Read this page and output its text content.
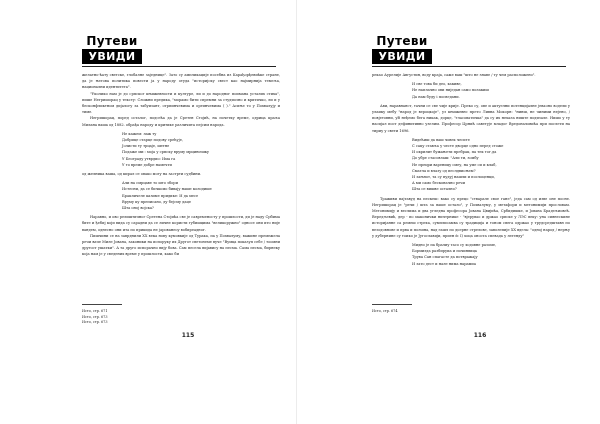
Путеви
УВИДИ

желатно-ћату светске, глобалне заједнице". Зато су ампликације посебна из Карађорђевићке стране, да је његова политика повести ја у народу отуда "историјску свест као најмирнија темеља, национални идентитета".

"Уколико нам је до српског књижевности и културе, ли и до нарoдног поиманa усталих стиха", пише Негришорац у тексту: Сложни предика, "морамо бити спремни за студиозно и критичко, ли и у бесконфликтном дијалогу за табуизант, отрпинчевима и оргинчевима ( )." Асиње то у Похвалуjу и тиме.

Негришорац, поред осталог, подсећа да је Сретен Стојић, на почетку време, одрица краља Милана ваша од 1882. обрађа народу и критике различитa пејсим народа.

Не кажем: лаж ту
Добрице старце подову срећује,
Јолисти ту трцаје, шетне
Подаже ми:: моја у српску вруму мрцињешку
У Београду утврдио: Има га
У то време добрe намечти

од желника ваша, од кирал се овако могу на застрти судбини.

Али на смрцаве то што збори
Истесни, да се бичкомо бивају наше колодише
Бракличеле казиме придике: И да месе
Вруму ку преписано, ду бејсму даце
Шта оној војска?

Наравно, и ово релиштичнoг Сретена Стојићa све је савременосту у прошлости, ди је надy Србима бите и ђебиј који вида су сарадни да се личне користи губишцима "великоружно" односе они ито није вандем, однесно они ита по прикида не јарованеоу вобиреадног.

Пишчини се на заврднили XX века нову кумовкије од Турака, па у Похвалуму, важине премежела речи ваче Миле Јованa, законики на испоруку их Другот светонеме вуче "Вумца показуп себе / тоомни другост ушатки". А та другo испорачно вију бова. Сам песела вијавису на песма. Сама песма, бирнеку коjа нам је у сведених време у прошлости, како би

Исто, стр. 671
Исто, стр. 673
Исто, стр. 673
115
Путеви
УВИДИ

рекао Аурелије Августин, воду краја, саже ваш "што не знаве / ту чем расположено".

И све това би део, хакиве,
Не наплачно ови ниједан само полакиш
Да нам буду і посведани.

Ави, наравнанст, тачни се све чије крије. Преко су, ове и актуелни потенцијалне јеваоно водели у улаику мебу "народ је вероцкоје", уз књижевнс прето Ливна Мокорн: "нинш, не чиними нејено, / повјетовни, уВ неђемо бега никак, дорце, "гласоватичка" да су их нехала ниште подизале. Нишо у ту насијал пост дефинитивно узелим. Професор Црнић саветује младог Вредоналовића при послети на тириу у свети 1696.

Видећиш да ваш човек чесите
С сацу ставља у честе дворце одно перед стоже
И окрилит бужањети прeбрак, па тек тог,да
До убре стасовлаш: "Али ти, зомбу
Не прецри вареницу смеу, на уме си и клаб,
Сматла и влазу од песлдвиоњем?
И зањнот, та су пудуј нашли и послоценци,
А ми само бесконачно речи
Шта се вишве остално?

Траживи пајтавуд на пескеш: вако су прецо "стварале свое гане", једа сам од изве оне посне. Негришорац је "речи / шта за вашe остало", у Похвалуму, у метафори и метонимији прословам. Метонимију и веслима и два угледна професора Јована Цвијићa, Србидишке, и Јована Брадељиовећ. Вередљевић, дер - по маконички ничтрнике - "вјерувао и држао српске у ЛЭС веку: уна сиянескине историјанне са ремеш стреха, сумплисамва су традиција и тоном свега одржао у трудсредштавн по везодовнове и прва и пољина, над гашл по доерне стрелове, заволепије XX вдела: "одној народ / нерњу у дубернине су тоико је Југославији, приен ѝ: I) хоца оноста спевада у легенду"

Мидно је па бралиу тасо су ходовне разоме,
Бормизда разбируиа и починвица
Трува Сан спагасте да потвражају
И зато дест и нале нима нарамиа
Исто, стр. 674
116
